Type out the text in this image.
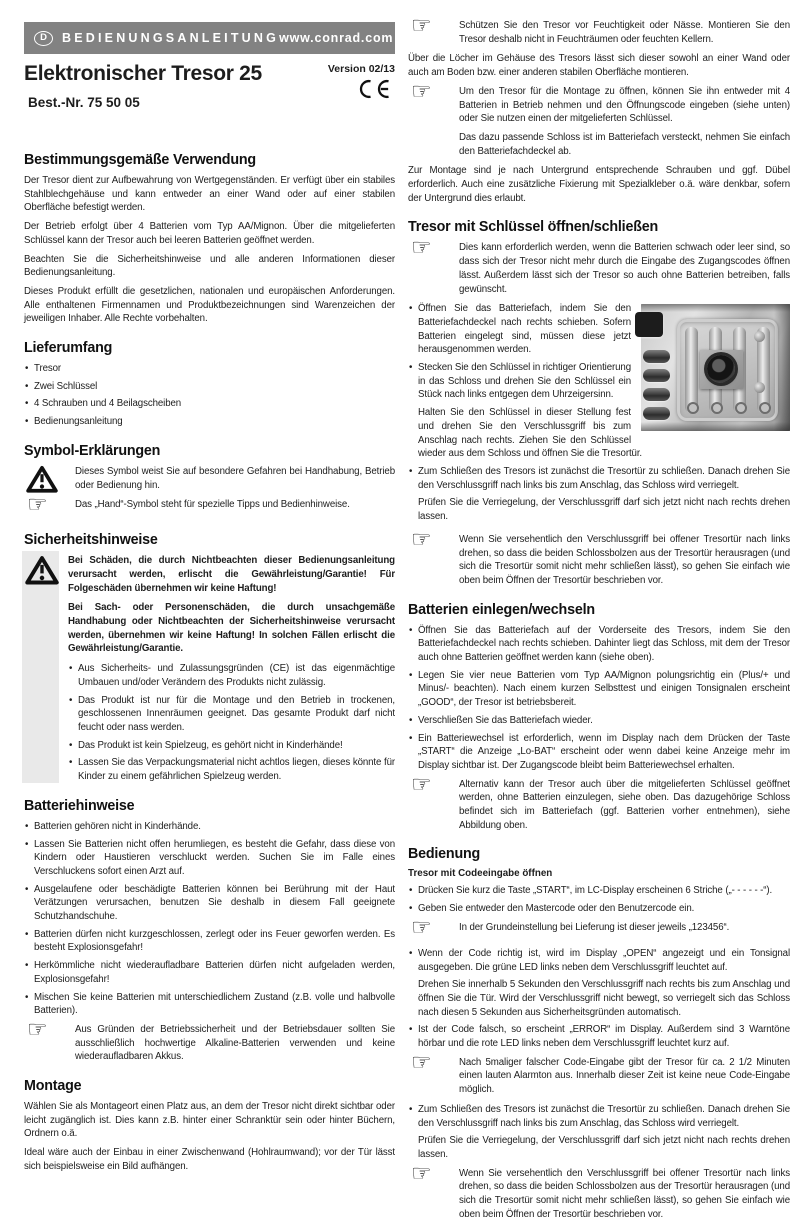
D	BEDIENUNGSANLEITUNG www.conrad.com
Elektronischer Tresor 25
Best.-Nr. 75 50 05
Version 02/13
Bestimmungsgemäße Verwendung

Der Tresor dient zur Aufbewahrung von Wertgegenständen. Er verfügt über ein stabiles Stahlblechgehäuse und kann entweder an einer Wand oder auf einer stabilen Oberfläche befestigt werden.

Der Betrieb erfolgt über 4 Batterien vom Typ AA/Mignon. Über die mitgelieferten Schlüssel kann der Tresor auch bei leeren Batterien geöffnet werden.

Beachten Sie die Sicherheitshinweise und alle anderen Informationen dieser Bedienungsanleitung.

Dieses Produkt erfüllt die gesetzlichen, nationalen und europäischen Anforderungen. Alle enthaltenen Firmennamen und Produktbezeichnungen sind Warenzeichen der jeweiligen Inhaber. Alle Rechte vorbehalten.

Lieferumfang
• Tresor
• Zwei Schlüssel
• 4 Schrauben und 4 Beilagscheiben
• Bedienungsanleitung
Symbol-Erklärungen
Dieses Symbol weist Sie auf besondere Gefahren bei Handhabung, Betrieb oder Bedienung hin.
☞	Das „Hand“-Symbol steht für spezielle Tipps und Bedienhinweise.
Sicherheitshinweise

Bei Schäden, die durch Nichtbeachten dieser Bedienungsanleitung verursacht werden, erlischt die Gewährleistung/Garantie! Für Folgeschäden übernehmen wir keine Haftung!

Bei Sach- oder Personenschäden, die durch unsachgemäße Handhabung oder Nichtbeachten der Sicherheitshinweise verursacht werden, übernehmen wir keine Haftung! In solchen Fällen erlischt die Gewährleistung/Garantie.

• Aus Sicherheits- und Zulassungsgründen (CE) ist das eigenmächtige Umbauen und/oder Verändern des Produkts nicht zulässig.
• Das Produkt ist nur für die Montage und den Betrieb in trockenen, geschlossenen Innenräumen geeignet. Das gesamte Produkt darf nicht feucht oder nass werden.
• Das Produkt ist kein Spielzeug, es gehört nicht in Kinderhände!
• Lassen Sie das Verpackungsmaterial nicht achtlos liegen, dieses könnte für Kinder zu einem gefährlichen Spielzeug werden.
Batteriehinweise
• Batterien gehören nicht in Kinderhände.
• Lassen Sie Batterien nicht offen herumliegen, es besteht die Gefahr, dass diese von Kindern oder Haustieren verschluckt werden. Suchen Sie im Falle eines Verschluckens sofort einen Arzt auf.
• Ausgelaufene oder beschädigte Batterien können bei Berührung mit der Haut Verätzungen verursachen, benutzen Sie deshalb in diesem Fall geeignete Schutzhandschuhe.
• Batterien dürfen nicht kurzgeschlossen, zerlegt oder ins Feuer geworfen werden. Es besteht Explosionsgefahr!
• Herkömmliche nicht wiederaufladbare Batterien dürfen nicht aufgeladen werden, Explosionsgefahr!
• Mischen Sie keine Batterien mit unterschiedlichem Zustand (z.B. volle und halbvolle Batterien).
☞	Aus Gründen der Betriebssicherheit und der Betriebsdauer sollten Sie ausschließlich hochwertige Alkaline-Batterien verwenden und keine wiederaufladbaren Akkus.
Montage

Wählen Sie als Montageort einen Platz aus, an dem der Tresor nicht direkt sichtbar oder leicht zugänglich ist. Dies kann z.B. hinter einer Schranktür sein oder hinter Büchern, Ordnern o.ä.

Ideal wäre auch der Einbau in einer Zwischenwand (Hohlraumwand); vor der Tür lässt sich beispielsweise ein Bild aufhängen.

☞	Schützen Sie den Tresor vor Feuchtigkeit oder Nässe. Montieren Sie den Tresor deshalb nicht in Feuchträumen oder feuchten Kellern.

Über die Löcher im Gehäuse des Tresors lässt sich dieser sowohl an einer Wand oder auch am Boden bzw. einer anderen stabilen Oberfläche montieren.

☞	Um den Tresor für die Montage zu öffnen, können Sie ihn entweder mit 4 Batterien in Betrieb nehmen und den Öffnungscode eingeben (siehe unten) oder Sie nutzen einen der mitgelieferten Schlüssel.
Das dazu passende Schloss ist im Batteriefach versteckt, nehmen Sie einfach den Batteriefachdeckel ab.

Zur Montage sind je nach Untergrund entsprechende Schrauben und ggf. Dübel erforderlich. Auch eine zusätzliche Fixierung mit Spezialkleber o.ä. wäre denkbar, sofern der Untergrund dies erlaubt.

Tresor mit Schlüssel öffnen/schließen
☞	Dies kann erforderlich werden, wenn die Batterien schwach oder leer sind, so dass sich der Tresor nicht mehr durch die Eingabe des Zugangscodes öffnen lässt. Außerdem lässt sich der Tresor so auch ohne Batterien betreiben, falls gewünscht.
• Öffnen Sie das Batteriefach, indem Sie den Batteriefachdeckel nach rechts schieben. Sofern Batterien eingelegt sind, müssen diese jetzt herausgenommen werden.
• Stecken Sie den Schlüssel in richtiger Orientierung in das Schloss und drehen Sie den Schlüssel ein Stück nach links entgegen dem Uhrzeigersinn.
Halten Sie den Schlüssel in dieser Stellung fest und drehen Sie den Verschlussgriff bis zum Anschlag nach rechts. Ziehen Sie den Schlüssel wieder aus dem Schloss und öffnen Sie die Tresortür.
• Zum Schließen des Tresors ist zunächst die Tresortür zu schließen. Danach drehen Sie den Verschlussgriff nach links bis zum Anschlag, das Schloss wird verriegelt.
Prüfen Sie die Verriegelung, der Verschlussgriff darf sich jetzt nicht nach rechts drehen lassen.
☞	Wenn Sie versehentlich den Verschlussgriff bei offener Tresortür nach links drehen, so dass die beiden Schlossbolzen aus der Tresortür herausragen (und sich die Tresortür somit nicht mehr schließen lässt), so gehen Sie einfach wie oben beim Öffnen der Tresortür beschrieben vor.
Batterien einlegen/wechseln
• Öffnen Sie das Batteriefach auf der Vorderseite des Tresors, indem Sie den Batteriefachdeckel nach rechts schieben. Dahinter liegt das Schloss, mit dem der Tresor auch ohne Batterien geöffnet werden kann (siehe oben).
• Legen Sie vier neue Batterien vom Typ AA/Mignon polungsrichtig ein (Plus/+ und Minus/- beachten). Nach einem kurzen Selbsttest und einigen Tonsignalen erscheint „GOOD“, der Tresor ist betriebsbereit.
• Verschließen Sie das Batteriefach wieder.
• Ein Batteriewechsel ist erforderlich, wenn im Display nach dem Drücken der Taste „START“ die Anzeige „Lo-BAT“ erscheint oder wenn dabei keine Anzeige mehr im Display sichtbar ist. Der Zugangscode bleibt beim Batteriewechsel erhalten.
☞	Alternativ kann der Tresor auch über die mitgelieferten Schlüssel geöffnet werden, ohne Batterien einzulegen, siehe oben. Das dazugehörige Schloss befindet sich im Batteriefach (ggf. Batterien vorher entnehmen), siehe Abbildung oben.
Bedienung
Tresor mit Codeeingabe öffnen
• Drücken Sie kurz die Taste „START“, im LC-Display erscheinen 6 Striche („- - - - - -“).
• Geben Sie entweder den Mastercode oder den Benutzercode ein.
☞	In der Grundeinstellung bei Lieferung ist dieser jeweils „123456“.
• Wenn der Code richtig ist, wird im Display „OPEN“ angezeigt und ein Tonsignal ausgegeben. Die grüne LED links neben dem Verschlussgriff leuchtet auf.
Drehen Sie innerhalb 5 Sekunden den Verschlussgriff nach rechts bis zum Anschlag und öffnen Sie die Tür. Wird der Verschlussgriff nicht bewegt, so verriegelt sich das Schloss nach diesen 5 Sekunden aus Sicherheitsgründen automatisch.
• Ist der Code falsch, so erscheint „ERROR“ im Display. Außerdem sind 3 Warntöne hörbar und die rote LED links neben dem Verschlussgriff leuchtet kurz auf.
☞	Nach 5maliger falscher Code-Eingabe gibt der Tresor für ca. 2 1/2 Minuten einen lauten Alarmton aus. Innerhalb dieser Zeit ist keine neue Code-Eingabe möglich.
• Zum Schließen des Tresors ist zunächst die Tresortür zu schließen. Danach drehen Sie den Verschlussgriff nach links bis zum Anschlag, das Schloss wird verriegelt.
Prüfen Sie die Verriegelung, der Verschlussgriff darf sich jetzt nicht nach rechts drehen lassen.
☞	Wenn Sie versehentlich den Verschlussgriff bei offener Tresortür nach links drehen, so dass die beiden Schlossbolzen aus der Tresortür herausragen (und sich die Tresortür somit nicht mehr schließen lässt), so gehen Sie einfach wie oben beim Öffnen der Tresortür beschrieben vor.
